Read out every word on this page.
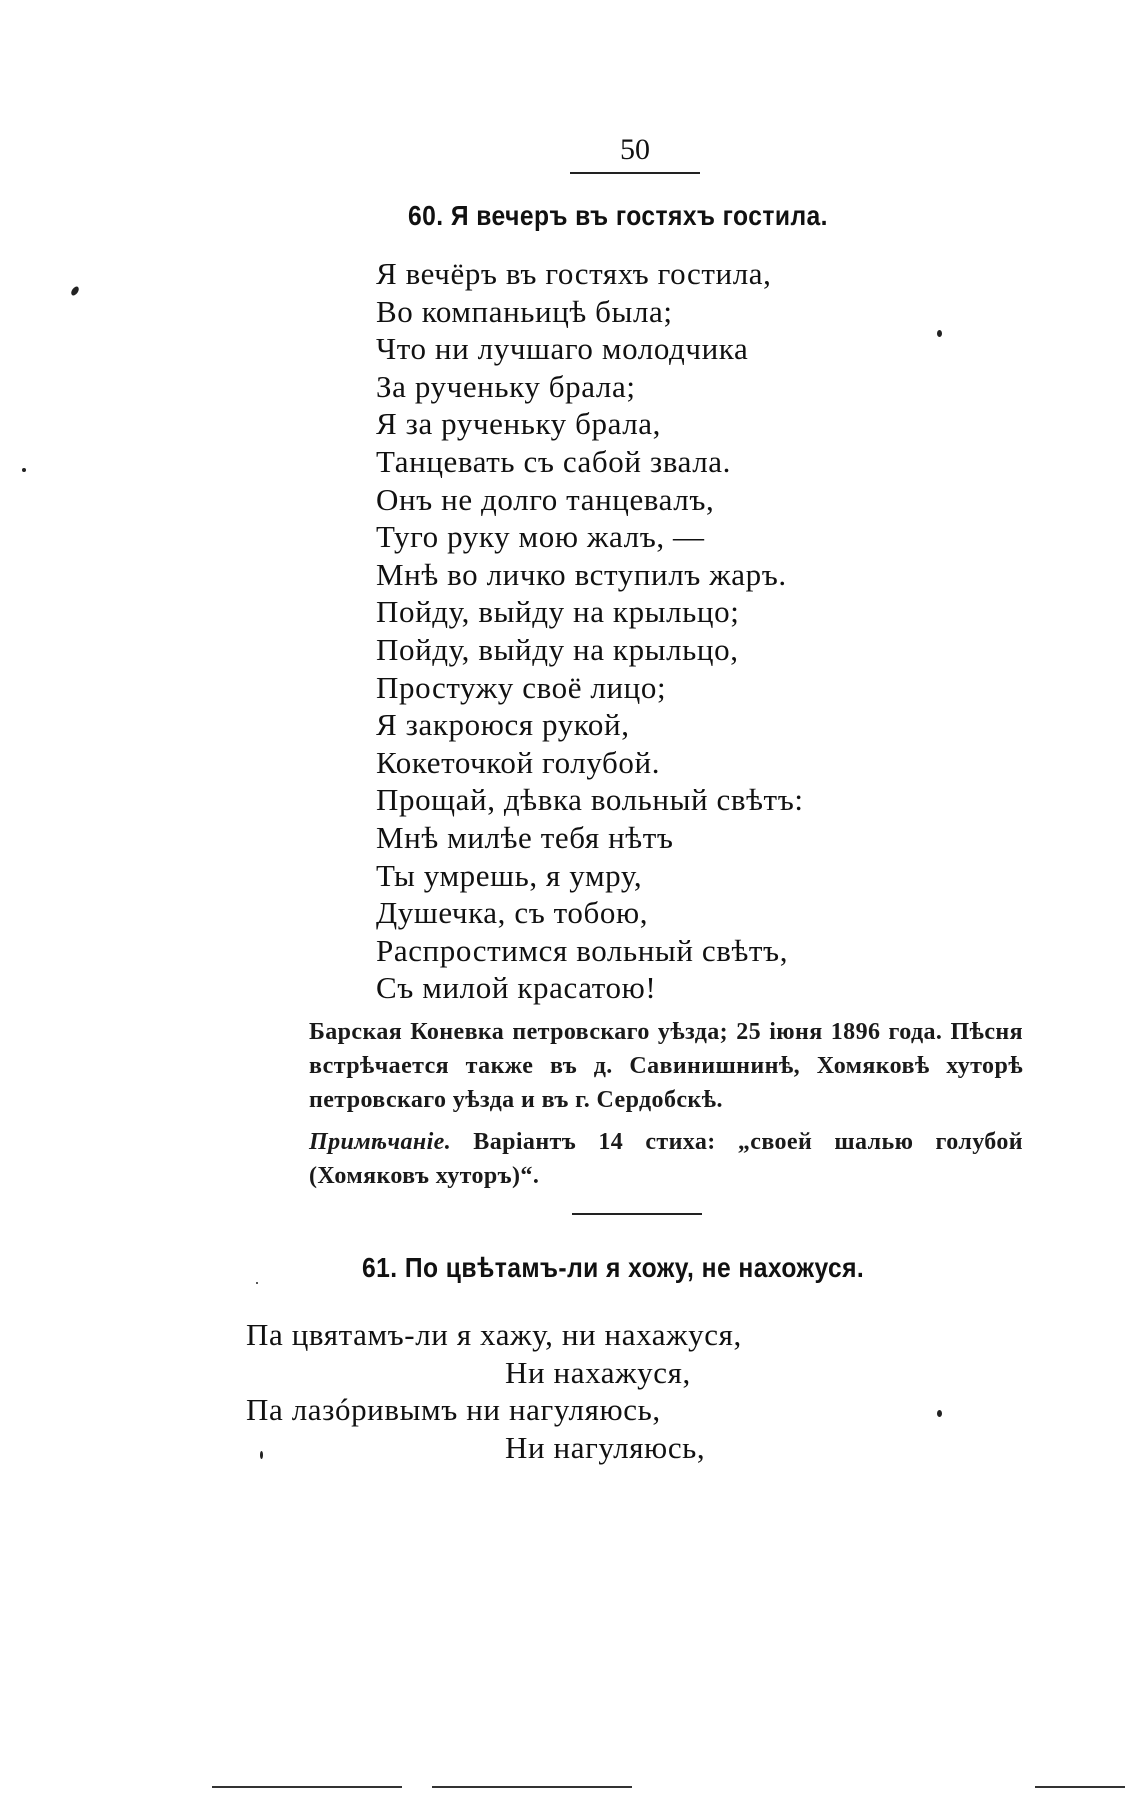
50
60. Я вечеръ въ гостяхъ гостила.
Я вечёръ въ гостяхъ гостила,
Во компаньицѣ была;
Что ни лучшаго молодчика
За рученьку брала;
Я за рученьку брала,
Танцевать съ сабой звала.
Онъ не долго танцевалъ,
Туго руку мою жалъ, —
Мнѣ во личко вступилъ жаръ.
Пойду, выйду на крыльцо;
Пойду, выйду на крыльцо,
Простужу своё лицо;
Я закроюся рукой,
Кокеточкой голубой.
Прощай, дѣвка вольный свѣтъ:
Мнѣ милѣе тебя нѣтъ
Ты умрешь, я умру,
Душечка, съ тобою,
Распростимся вольный свѣтъ,
Съ милой красатою!

Барская Коневка петровскаго уѣзда; 25 іюня 1896 года. Пѣсня встрѣчается также въ д. Савинишнинѣ, Хомяковѣ хуторѣ петровскаго уѣзда и въ г. Сердобскѣ.

Примѣчаніе. Варіантъ 14 стиха: „своей шалью голубой (Хомяковъ хуторъ)“.

61. По цвѣтамъ-ли я хожу, не нахожуся.
Па цвятамъ-ли я хажу, ни нахажуся,
Ни нахажуся,
Па лазóривымъ ни нагуляюсь,
Ни нагуляюсь,
